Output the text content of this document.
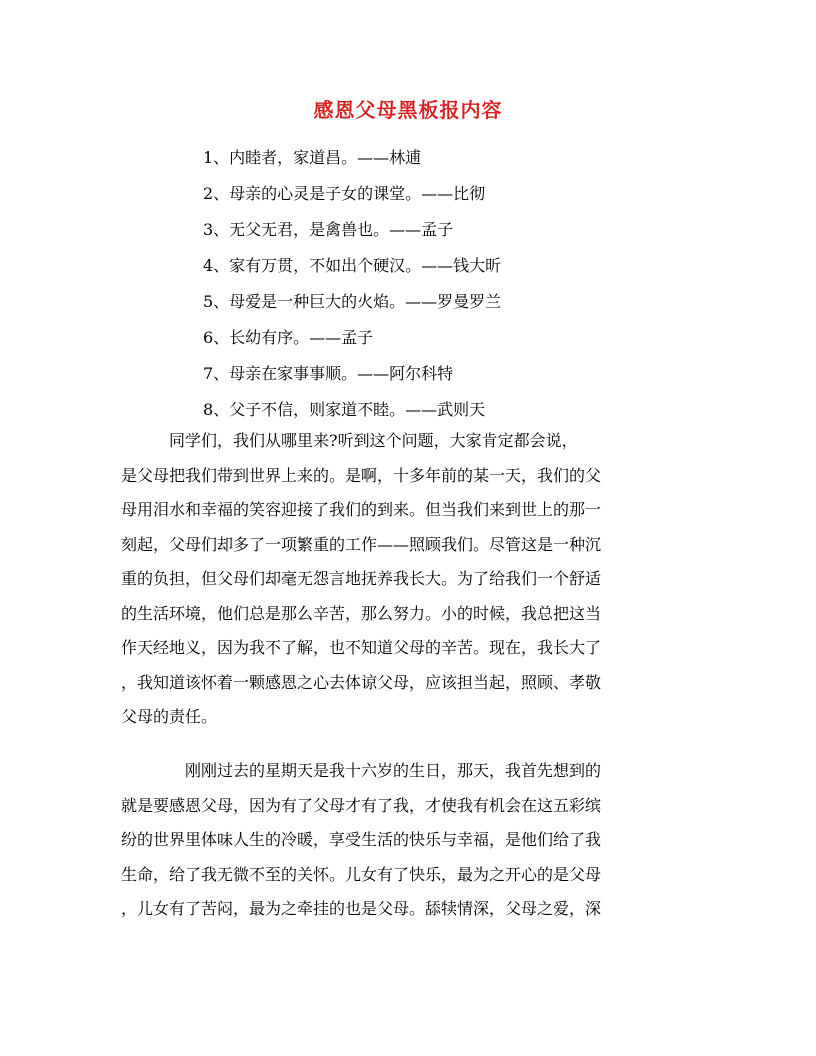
感恩父母黑板报内容
1、内睦者，家道昌。——林逋
2、母亲的心灵是子女的课堂。——比彻
3、无父无君，是禽兽也。——孟子
4、家有万贯，不如出个硬汉。——钱大昕
5、母爱是一种巨大的火焰。——罗曼罗兰
6、长幼有序。——孟子
7、母亲在家事事顺。——阿尔科特
8、父子不信，则家道不睦。——武则天
　　　同学们，我们从哪里来?听到这个问题，大家肯定都会说，
是父母把我们带到世界上来的。是啊，十多年前的某一天，我们的父
母用泪水和幸福的笑容迎接了我们的到来。但当我们来到世上的那一
刻起，父母们却多了一项繁重的工作——照顾我们。尽管这是一种沉
重的负担，但父母们却毫无怨言地抚养我长大。为了给我们一个舒适
的生活环境，他们总是那么辛苦，那么努力。小的时候，我总把这当
作天经地义，因为我不了解，也不知道父母的辛苦。现在，我长大了
，我知道该怀着一颗感恩之心去体谅父母，应该担当起，照顾、孝敬
父母的责任。
　　　　刚刚过去的星期天是我十六岁的生日，那天，我首先想到的
就是要感恩父母，因为有了父母才有了我，才使我有机会在这五彩缤
纷的世界里体味人生的冷暖，享受生活的快乐与幸福，是他们给了我
生命，给了我无微不至的关怀。儿女有了快乐，最为之开心的是父母
，儿女有了苦闷，最为之牵挂的也是父母。舔犊情深，父母之爱，深
